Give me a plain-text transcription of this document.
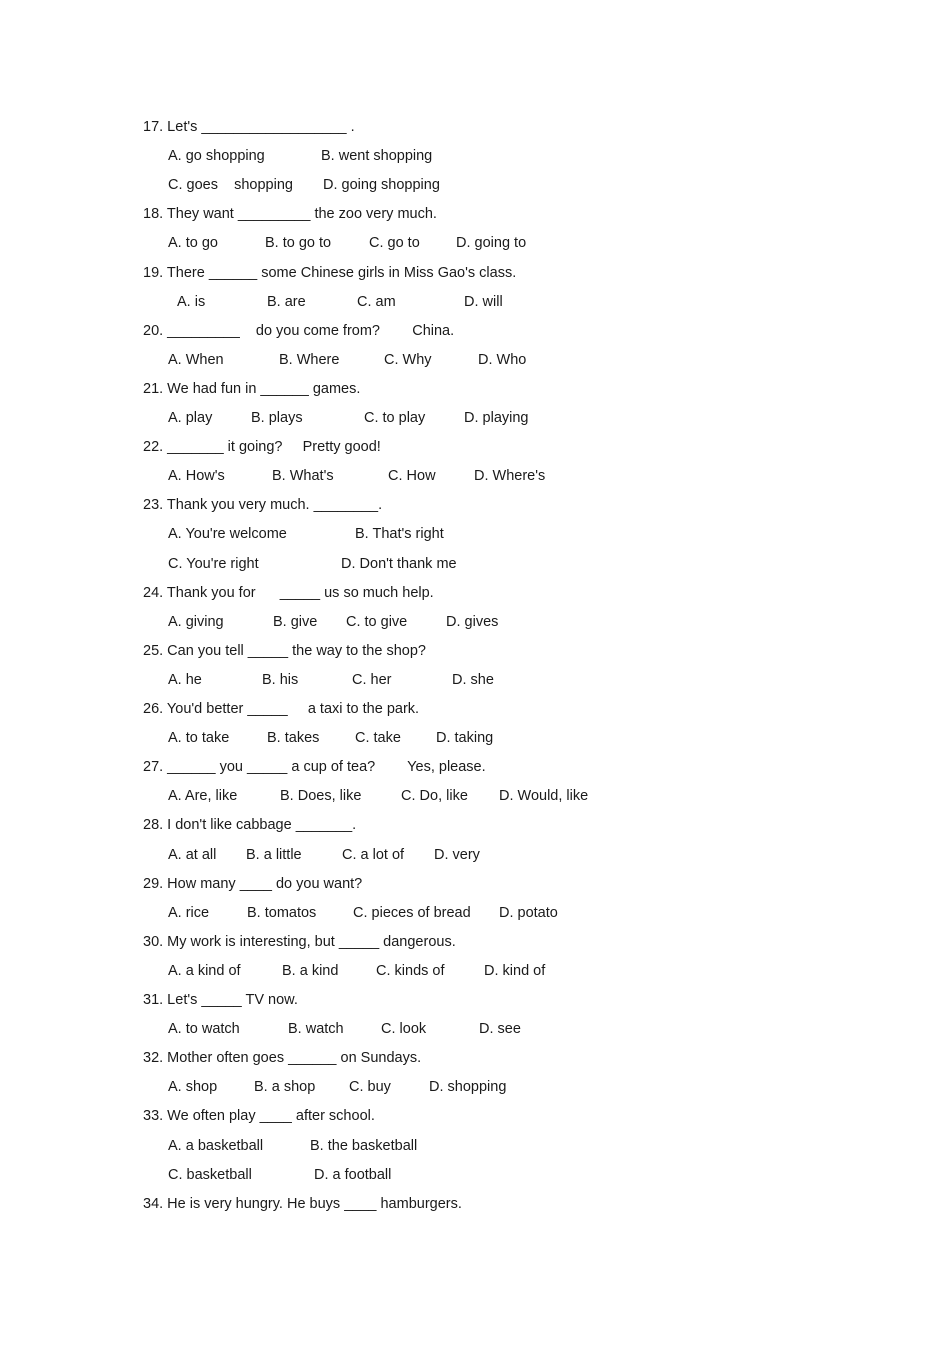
17. Let's __________________ .
A. go shopping	B. went shopping
C. goes    shopping D. going shopping
18. They want _________ the zoo very much.
A. to go	B. to go to	C. go to D. going to
19. There ______ some Chinese girls in Miss Gao's class.
A. is	B. are	C. am	D. will
20. _________    do you come from?        China.
A. When	B. Where	C. Why	D. Who
21. We had fun in ______ games.
A. play	B. plays	C. to play	D. playing
22. _______ it going?     Pretty good!
A. How's	B. What's	C. How	D. Where's
23. Thank you very much. ________.
A. You're welcome	B. That's right
C. You're right	D. Don't thank me
24. Thank you for      _____ us so much help.
A. giving	B. give C. to give	D. gives
25. Can you tell _____ the way to the shop?
A. he	B. his	C. her	D. she
26. You'd better _____     a taxi to the park.
A. to take	B. takes C. take D. taking
27. ______ you _____ a cup of tea?        Yes, please.
A. Are, like	B. Does, like	C. Do, like D. Would, like
28. I don't like cabbage _______.
A. at all B. a little	C. a lot of D. very
29. How many ____ do you want?
A. rice	B. tomatos	C. pieces of bread D. potato
30. My work is interesting, but _____ dangerous.
A. a kind of	B. a kind	C. kinds of	D. kind of
31. Let's _____ TV now.
A. to watch	B. watch	C. look	D. see
32. Mother often goes ______ on Sundays.
A. shop	B. a shop C. buy	D. shopping
33. We often play ____ after school.
A. a basketball	B. the basketball
C. basketball	D. a football
34. He is very hungry. He buys ____ hamburgers.
